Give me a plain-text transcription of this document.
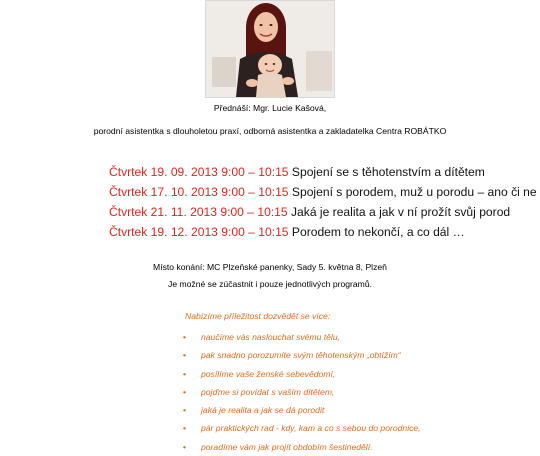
Přednáší: Mgr. Lucie Kašová,
porodní asistentka s dlouholetou praxí, odborná asistentka a zakladatelka Centra ROBÁTKO
Čtvrtek 19. 09. 2013 9:00 – 10:15 Spojení se s těhotenstvím a dítětem
Čtvrtek 17. 10. 2013 9:00 – 10:15 Spojení s porodem, muž u porodu – ano či ne
Čtvrtek 21. 11. 2013 9:00 – 10:15 Jaká je realita a jak v ní prožít svůj porod
Čtvrtek 19. 12. 2013 9:00 – 10:15 Porodem to nekončí, a co dál …
Místo konání: MC Plzeňské panenky, Sady 5. května 8, Plzeň
Je možné se zúčastnit i pouze jednotlivých programů.
Nabízíme příležitost dozvědět se více:
• naučíme vás naslouchat svému tělu,
• pak snadno porozumíte svým těhotenským „obtížím“
• posílíme vaše ženské sebevědomí,
• pojďme si povídat s vaším dítětem,
• jaká je realita a jak se dá porodit
• pár praktických rad - kdy, kam a co s sebou do porodnice,
• poradíme vám jak projít obdobím šestinedělí.
